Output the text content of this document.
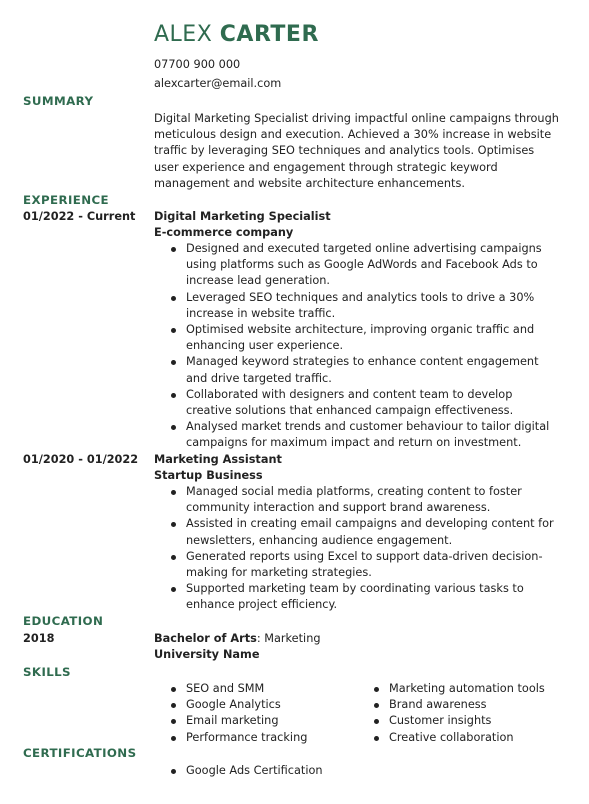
ALEX CARTER
07700 900 000
alexcarter@email.com
SUMMARY
Digital Marketing Specialist driving impactful online campaigns through meticulous design and execution. Achieved a 30% increase in website traffic by leveraging SEO techniques and analytics tools. Optimises user experience and engagement through strategic keyword management and website architecture enhancements.
EXPERIENCE
01/2022 - Current Digital Marketing Specialist
E-commerce company
Designed and executed targeted online advertising campaigns using platforms such as Google AdWords and Facebook Ads to increase lead generation.
Leveraged SEO techniques and analytics tools to drive a 30% increase in website traffic.
Optimised website architecture, improving organic traffic and enhancing user experience.
Managed keyword strategies to enhance content engagement and drive targeted traffic.
Collaborated with designers and content team to develop creative solutions that enhanced campaign effectiveness.
Analysed market trends and customer behaviour to tailor digital campaigns for maximum impact and return on investment.
01/2020 - 01/2022 Marketing Assistant
Startup Business
Managed social media platforms, creating content to foster community interaction and support brand awareness.
Assisted in creating email campaigns and developing content for newsletters, enhancing audience engagement.
Generated reports using Excel to support data-driven decision-making for marketing strategies.
Supported marketing team by coordinating various tasks to enhance project efficiency.
EDUCATION
2018	Bachelor of Arts: Marketing
University Name
SKILLS
SEO and SMM
Google Analytics
Email marketing
Performance tracking
Marketing automation tools
Brand awareness
Customer insights
Creative collaboration
CERTIFICATIONS
Google Ads Certification
